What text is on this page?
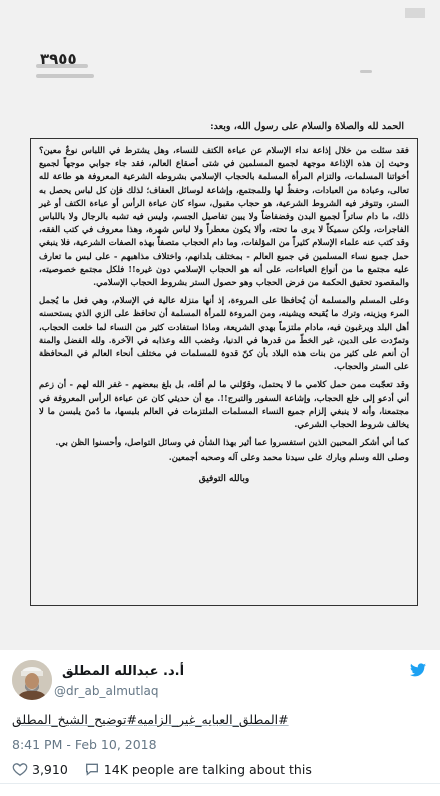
٣٩٥٥
الحمد لله والصلاة والسلام على رسول الله، وبعد:

فقد سئلت من خلال إذاعة نداء الإسلام عن عباءة الكتف للنساء، وهل يشترط في اللباس نوعٌ معين؟ وحيث إن هذه الإذاعة موجهة لجميع المسلمين في شتى أصقاع العالم، فقد جاء جوابي موجهاً لجميع أخواتنا المسلمات، والتزام المرأة المسلمة بالحجاب الإسلامي بشروطه الشرعية المعروفة هو طاعة لله تعالى، وعبادة من العبادات، وحفظٌ لها وللمجتمع، وإشاعة لوسائل العفاف؛ لذلك فإن كل لباس يحصل به الستر، وتتوفر فيه الشروط الشرعية، هو حجاب مقبول، سواء كان عباءة الرأس أو عباءة الكتف أو غير ذلك، ما دام ساتراً لجميع البدن وفضفاضاً ولا يبين تفاصيل الجسم، وليس فيه تشبه بالرجال ولا باللباس الفاجرات، ولكن سميكاً لا يرى ما تحته، وألا يكون معطراً ولا لباس شهرة، وهذا معروف في كتب الفقه، وقد كتب عنه علماء الإسلام كثيراً من المؤلفات، وما دام الحجاب متصفاً بهذه الصفات الشرعية، فلا ينبغي حمل جميع نساء المسلمين في جميع العالم - بمختلف بلدانهم، واختلاف مذاهبهم - على لبس ما تعارف عليه مجتمع ما من أنواع العباءات، على أنه هو الحجاب الإسلامي دون غيره!! فلكل مجتمع خصوصيته، والمقصود تحقيق الحكمة من فرض الحجاب وهو حصول الستر بشروط الحجاب الإسلامي.

وعلى المسلم والمسلمة أن يُحافظا على المروءة، إذ أنها منزلة عالية في الإسلام، وهي فعل ما يُجمل المرء ويزينه، وترك ما يُقبحه ويشينه، ومن المروءة للمرأة المسلمة أن تحافظ على الزي الذي يستحسنه أهل البلد ويرغبون فيه، مادام ملتزماً بهدي الشريعة، وماذا استفادت كثير من النساء لما خلعت الحجاب، وتمرّدت على الدين، غير الخطّ من قدرها في الدنيا، وغضب الله وعذابه في الآخرة. ولله الفضل والمنة أن أنعم على كثير من بنات هذه البلاد بأن كنّ قدوة للمسلمات في مختلف أنحاء العالم في المحافظة على الستر والحجاب.

وقد تعجّبت ممن حمل كلامي ما لا يحتمل، وقوّلني ما لم أقله، بل بلغ ببعضهم - غفر الله لهم - أن زعم أني أدعو إلى خلع الحجاب، وإشاعة السفور والتبرج!!. مع أن حديثي كان عن عباءة الرأس المعروفة في مجتمعنا، وأنه لا ينبغي إلزام جميع النساء المسلمات الملتزمات في العالم بلبسها، ما دُمنَ يلبسن ما لا يخالف شروط الحجاب الشرعي.

كما أني أشكر المحبين الذين استفسروا عما أثير بهذا الشأن في وسائل التواصل، وأحسنوا الظن بي.

وصلى الله وسلم وبارك على سيدنا محمد وعلى آله وصحبه أجمعين.

وبالله التوفيق

أ.د. عبدالله المطلق
@dr_ab_almutlaq
#المطلق_العبايه_غير_الزاميه#توضيح_الشيخ_المطلق
8:41 PM - Feb 10, 2018
3,910	14K people are talking about this
